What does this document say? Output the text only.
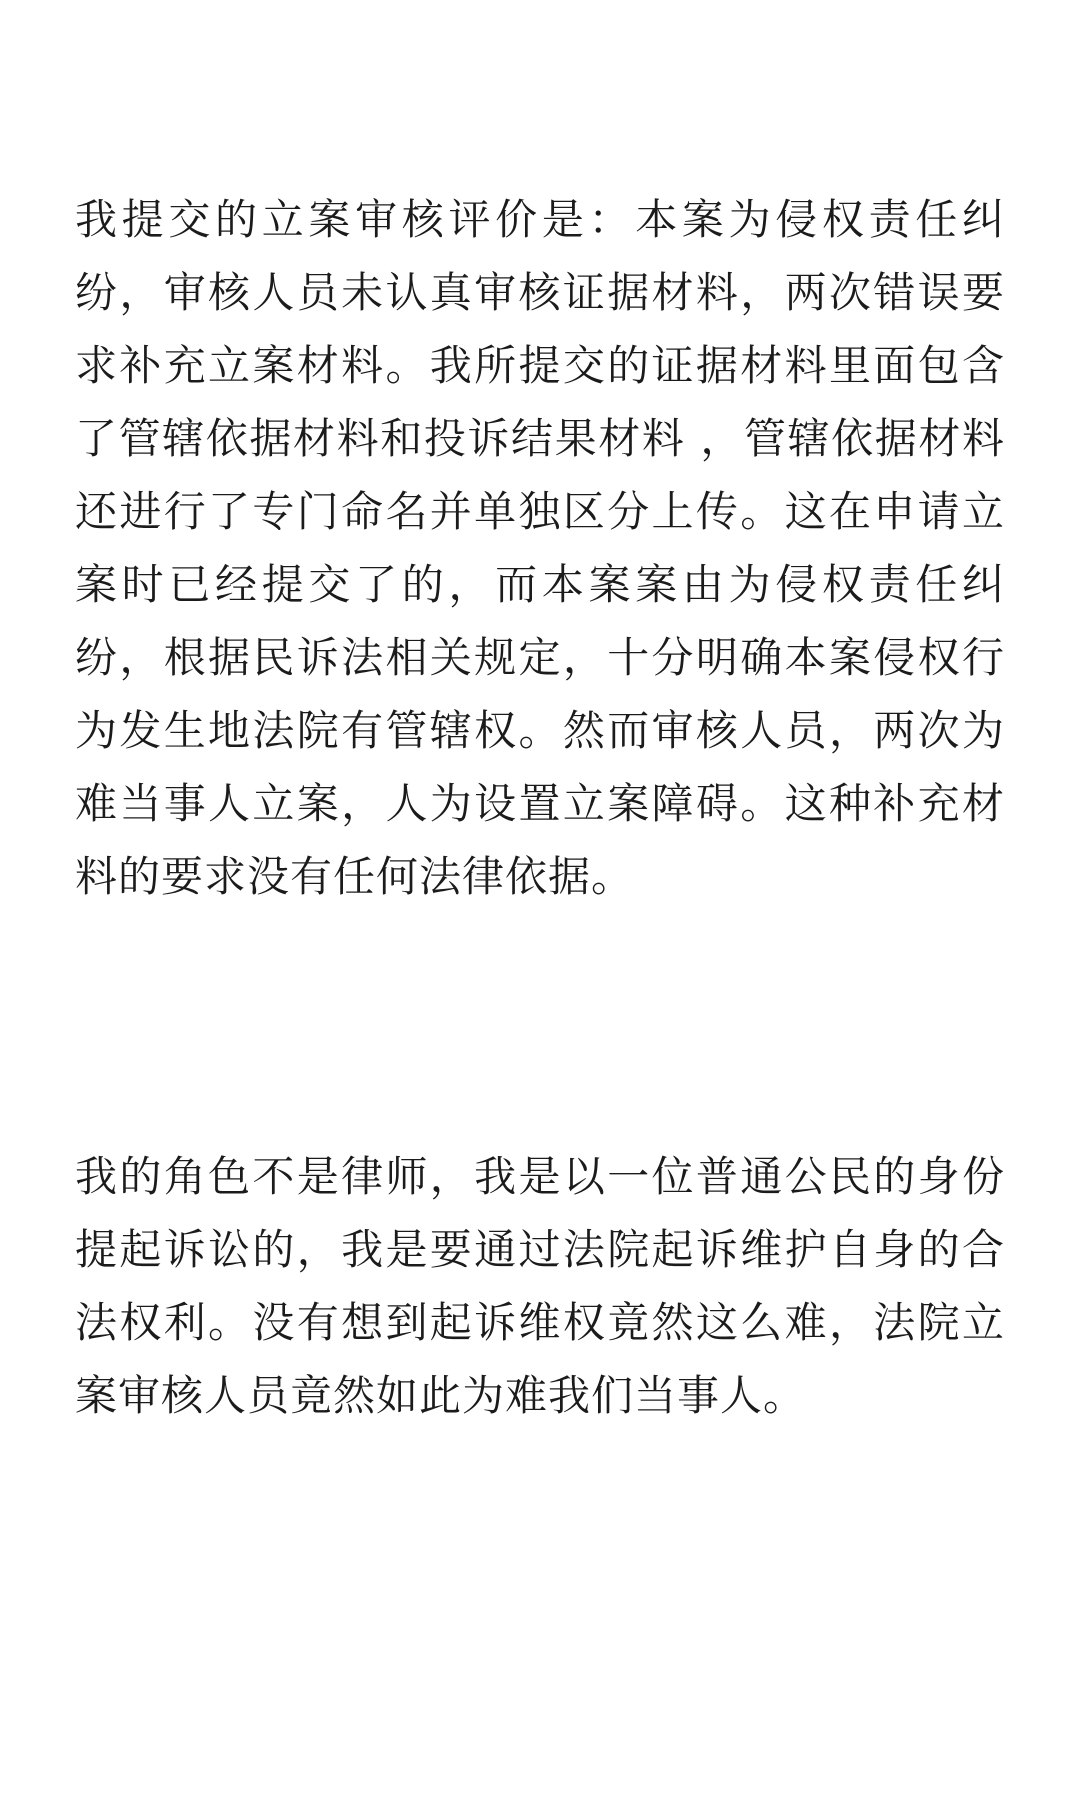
我提交的立案审核评价是：本案为侵权责任纠纷，审核人员未认真审核证据材料，两次错误要求补充立案材料。我所提交的证据材料里面包含了管辖依据材料和投诉结果材料 ，管辖依据材料还进行了专门命名并单独区分上传。这在申请立案时已经提交了的，而本案案由为侵权责任纠纷，根据民诉法相关规定，十分明确本案侵权行为发生地法院有管辖权。然而审核人员，两次为难当事人立案，人为设置立案障碍。这种补充材料的要求没有任何法律依据。

我的角色不是律师，我是以一位普通公民的身份提起诉讼的，我是要通过法院起诉维护自身的合法权利。没有想到起诉维权竟然这么难，法院立案审核人员竟然如此为难我们当事人。
